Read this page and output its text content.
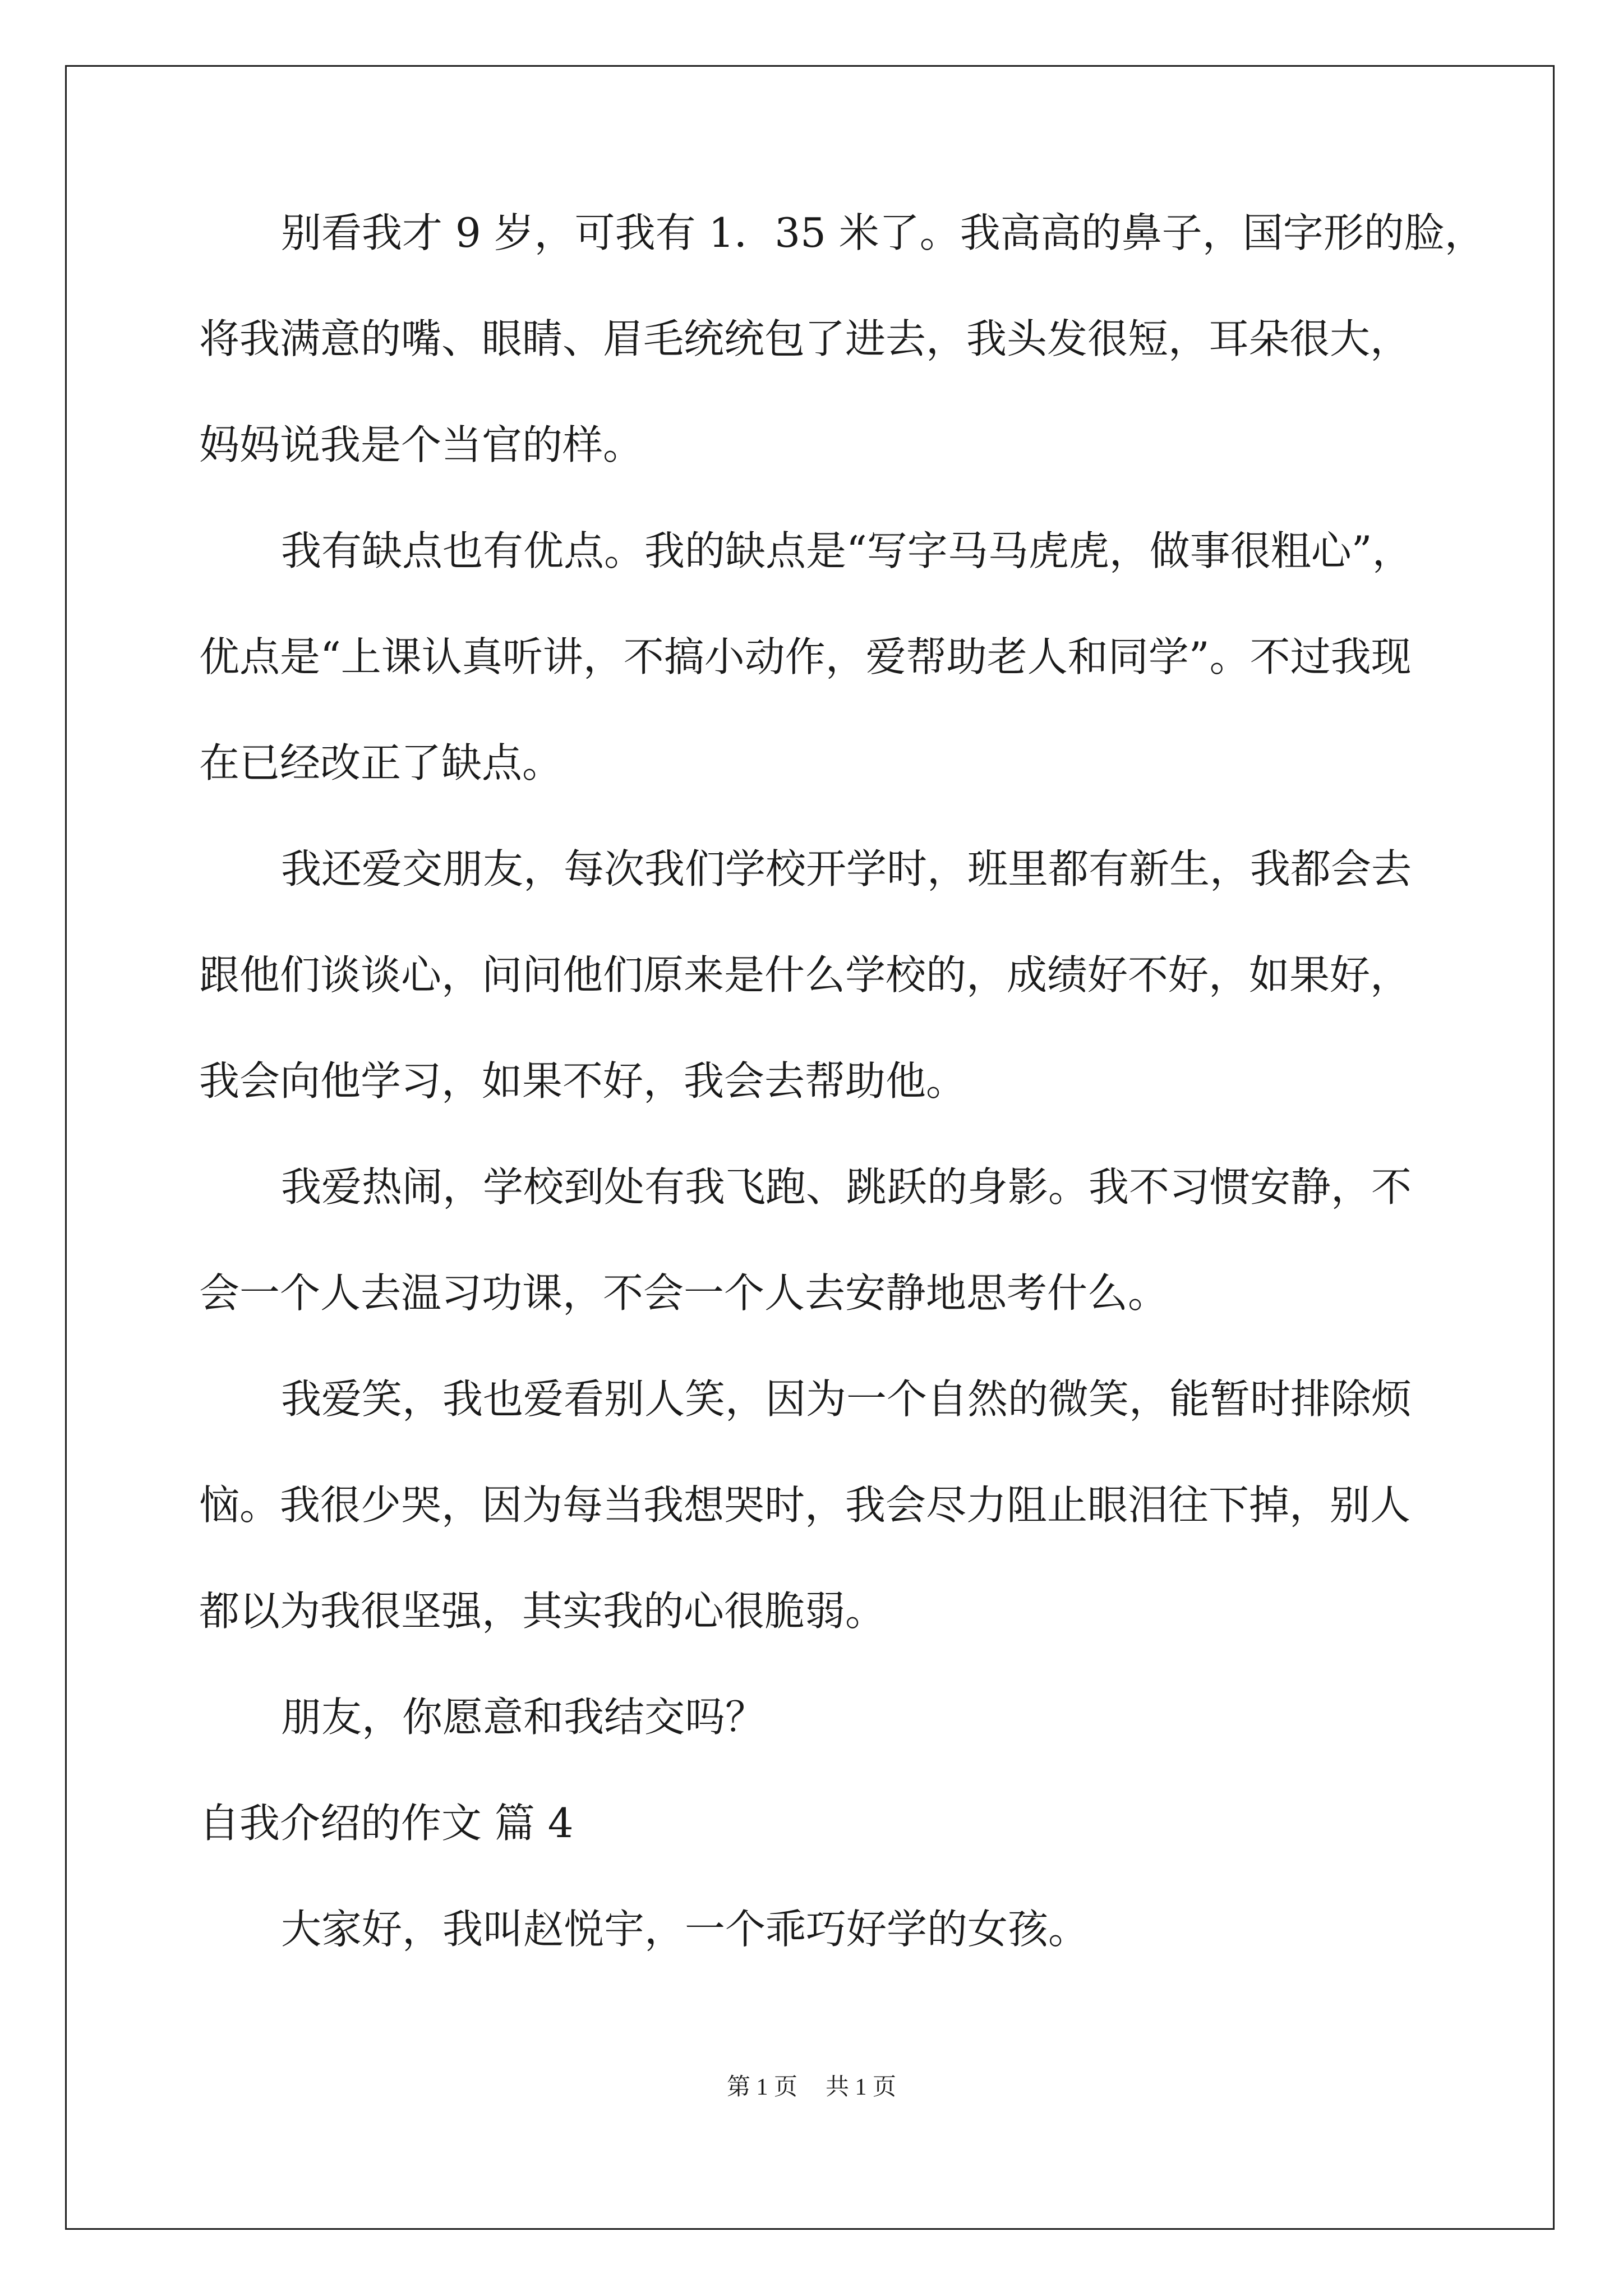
别看我才 9 岁，可我有 1．35 米了。我高高的鼻子，国字形的脸，
将我满意的嘴、眼睛、眉毛统统包了进去，我头发很短，耳朵很大，
妈妈说我是个当官的样。
我有缺点也有优点。我的缺点是“写字马马虎虎，做事很粗心”，
优点是“上课认真听讲，不搞小动作，爱帮助老人和同学”。不过我现
在已经改正了缺点。
我还爱交朋友，每次我们学校开学时，班里都有新生，我都会去
跟他们谈谈心，问问他们原来是什么学校的，成绩好不好，如果好，
我会向他学习，如果不好，我会去帮助他。
我爱热闹，学校到处有我飞跑、跳跃的身影。我不习惯安静，不
会一个人去温习功课，不会一个人去安静地思考什么。
我爱笑，我也爱看别人笑，因为一个自然的微笑，能暂时排除烦
恼。我很少哭，因为每当我想哭时，我会尽力阻止眼泪往下掉，别人
都以为我很坚强，其实我的心很脆弱。
朋友，你愿意和我结交吗？
自我介绍的作文 篇 4
大家好，我叫赵悦宇，一个乖巧好学的女孩。
第 1 页 共 1 页
